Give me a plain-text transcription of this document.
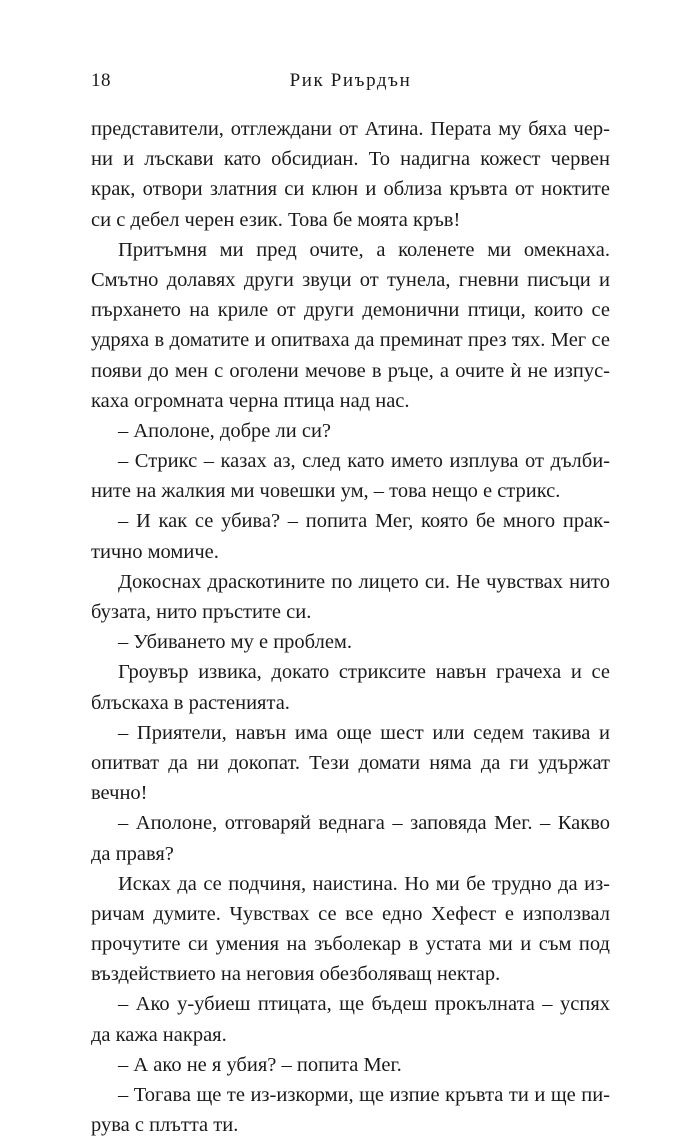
18	Рик Риърдън
представители, отглеждани от Атина. Перата му бяха чер-
ни и лъскави като обсидиан. То надигна кожест червен
крак, отвори златния си клюн и облиза кръвта от ноктите
си с дебел черен език. Това бе моята кръв!
Притъмня ми пред очите, а коленете ми омекнаха.
Смътно долавях други звуци от тунела, гневни писъци и
пърхането на криле от други демонични птици, които се
удряха в доматите и опитваха да преминат през тях. Мег се
появи до мен с оголени мечове в ръце, а очите ѝ не изпус-
каха огромната черна птица над нас.
– Аполоне, добре ли си?
– Стрикс – казах аз, след като името изплува от дълби-
ните на жалкия ми човешки ум, – това нещо е стрикс.
– И как се убива? – попита Мег, която бе много прак-
тично момиче.
Докоснах драскотините по лицето си. Не чувствах нито
бузата, нито пръстите си.
– Убиването му е проблем.
Гроувър извика, докато стриксите навън грачеха и се
блъскаха в растенията.
– Приятели, навън има още шест или седем такива и
опитват да ни докопат. Тези домати няма да ги удържат
вечно!
– Аполоне, отговаряй веднага – заповядa Мег. – Какво
да правя?
Исках да се подчиня, наистина. Но ми бе трудно да из-
ричам думите. Чувствах се все едно Хефест е използвал
прочутите си умения на зъболекар в устата ми и съм под
въздействието на неговия обезболяващ нектар.
– Ако у-убиеш птицата, ще бъдеш прокълната – успях
да кажа накрая.
– А ако не я убия? – попита Мег.
– Тогава ще те из-изкорми, ще изпие кръвта ти и ще пи-
рува с плътта ти.
